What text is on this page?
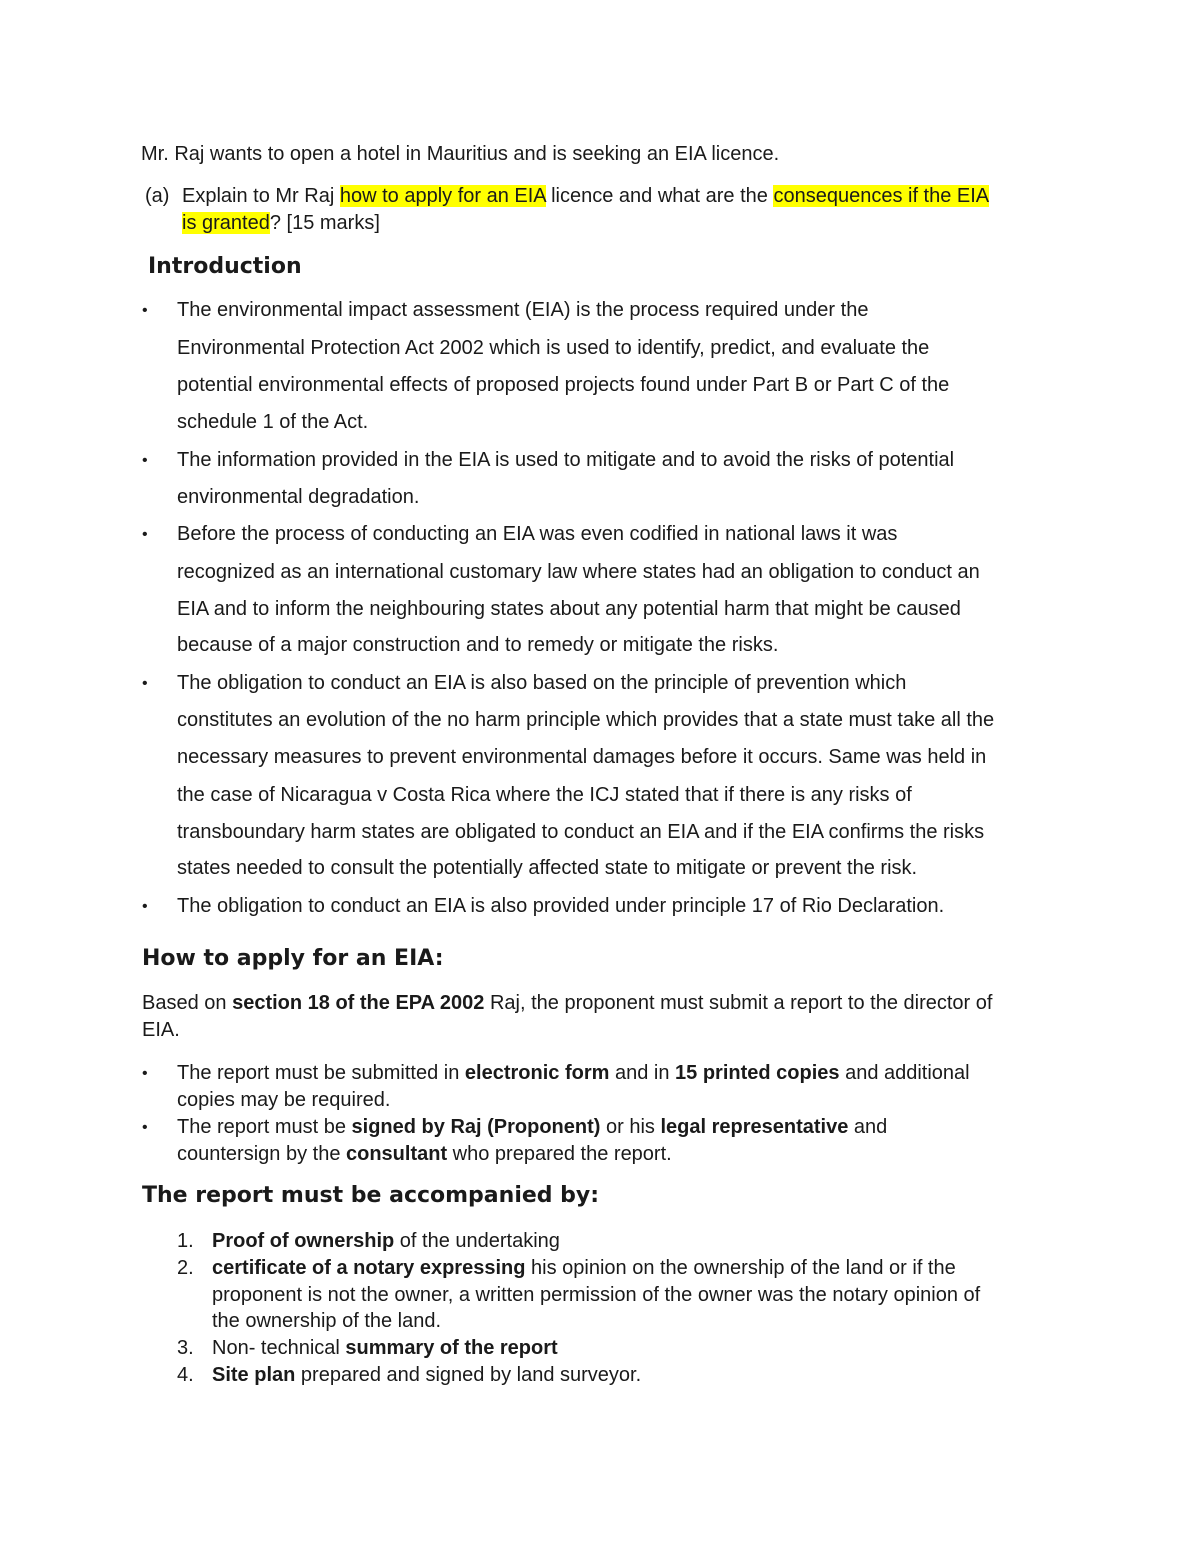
Mr. Raj wants to open a hotel in Mauritius and is seeking an EIA licence.
(a) Explain to Mr Raj how to apply for an EIA licence and what are the consequences if the EIA
is granted? [15 marks]
Introduction
• The environmental impact assessment (EIA) is the process required under the
Environmental Protection Act 2002 which is used to identify, predict, and evaluate the
potential environmental effects of proposed projects found under Part B or Part C of the
schedule 1 of the Act.
• The information provided in the EIA is used to mitigate and to avoid the risks of potential
environmental degradation.
• Before the process of conducting an EIA was even codified in national laws it was
recognized as an international customary law where states had an obligation to conduct an
EIA and to inform the neighbouring states about any potential harm that might be caused
because of a major construction and to remedy or mitigate the risks.
• The obligation to conduct an EIA is also based on the principle of prevention which
constitutes an evolution of the no harm principle which provides that a state must take all the
necessary measures to prevent environmental damages before it occurs. Same was held in
the case of Nicaragua v Costa Rica where the ICJ stated that if there is any risks of
transboundary harm states are obligated to conduct an EIA and if the EIA confirms the risks
states needed to consult the potentially affected state to mitigate or prevent the risk.
• The obligation to conduct an EIA is also provided under principle 17 of Rio Declaration.
How to apply for an EIA:
Based on section 18 of the EPA 2002 Raj, the proponent must submit a report to the director of
EIA.
• The report must be submitted in electronic form and in 15 printed copies and additional
copies may be required.
• The report must be signed by Raj (Proponent) or his legal representative and
countersign by the consultant who prepared the report.
The report must be accompanied by:
1. Proof of ownership of the undertaking
2. certificate of a notary expressing his opinion on the ownership of the land or if the
proponent is not the owner, a written permission of the owner was the notary opinion of
the ownership of the land.
3. Non- technical summary of the report
4. Site plan prepared and signed by land surveyor.
